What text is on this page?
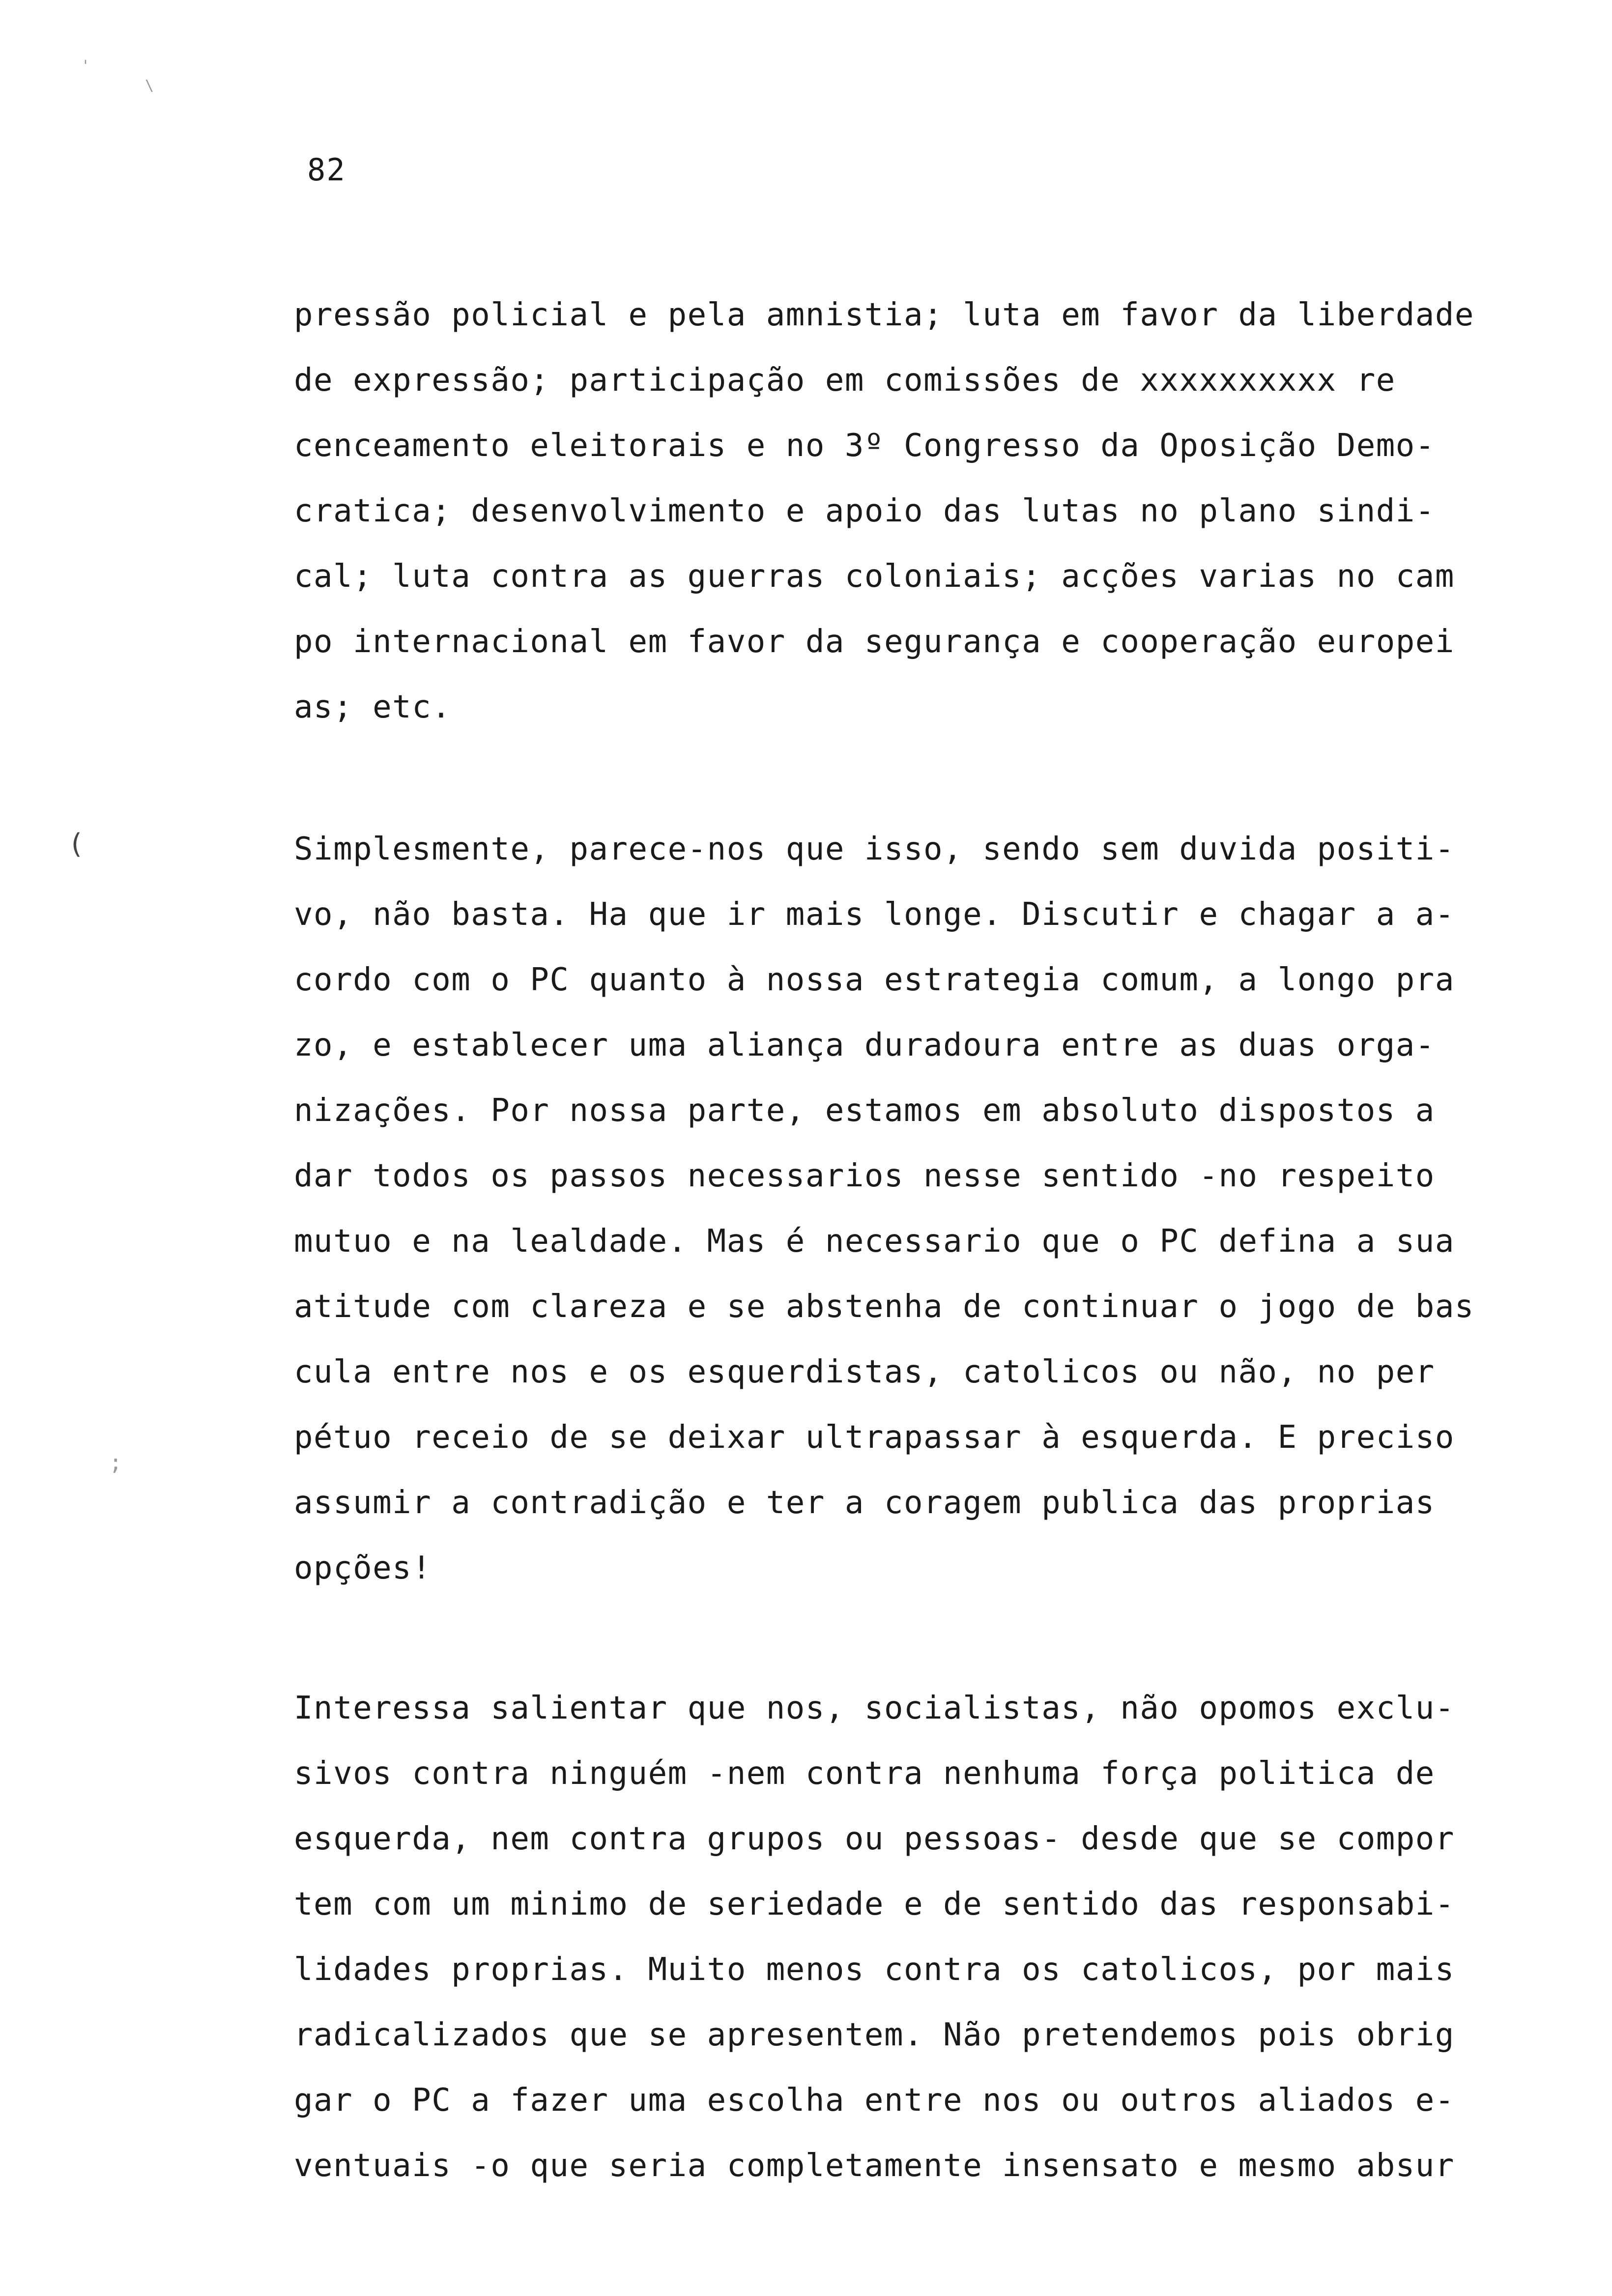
'
\
(
;
82
pressão policial e pela amnistia; luta em favor da liberdade
de expressão; participação em comissões de xxxxxxxxxx re
cenceamento eleitorais e no 3º Congresso da Oposição Demo-
cratica; desenvolvimento e apoio das lutas no plano sindi-
cal; luta contra as guerras coloniais; acções varias no cam
po internacional em favor da segurança e cooperação europei
as; etc.
Simplesmente, parece-nos que isso, sendo sem duvida positi-
vo, não basta. Ha que ir mais longe. Discutir e chagar a a-
cordo com o PC quanto à nossa estrategia comum, a longo pra
zo, e establecer uma aliança duradoura entre as duas orga-
nizações. Por nossa parte, estamos em absoluto dispostos a
dar todos os passos necessarios nesse sentido -no respeito
mutuo e na lealdade. Mas é necessario que o PC defina a sua
atitude com clareza e se abstenha de continuar o jogo de bas
cula entre nos e os esquerdistas, catolicos ou não, no per
pétuo receio de se deixar ultrapassar à esquerda. E preciso
assumir a contradição e ter a coragem publica das proprias
opções!
Interessa salientar que nos, socialistas, não opomos exclu-
sivos contra ninguém -nem contra nenhuma força politica de
esquerda, nem contra grupos ou pessoas- desde que se compor
tem com um minimo de seriedade e de sentido das responsabi-
lidades proprias. Muito menos contra os catolicos, por mais
radicalizados que se apresentem. Não pretendemos pois obrig
gar o PC a fazer uma escolha entre nos ou outros aliados e-
ventuais -o que seria completamente insensato e mesmo absur
